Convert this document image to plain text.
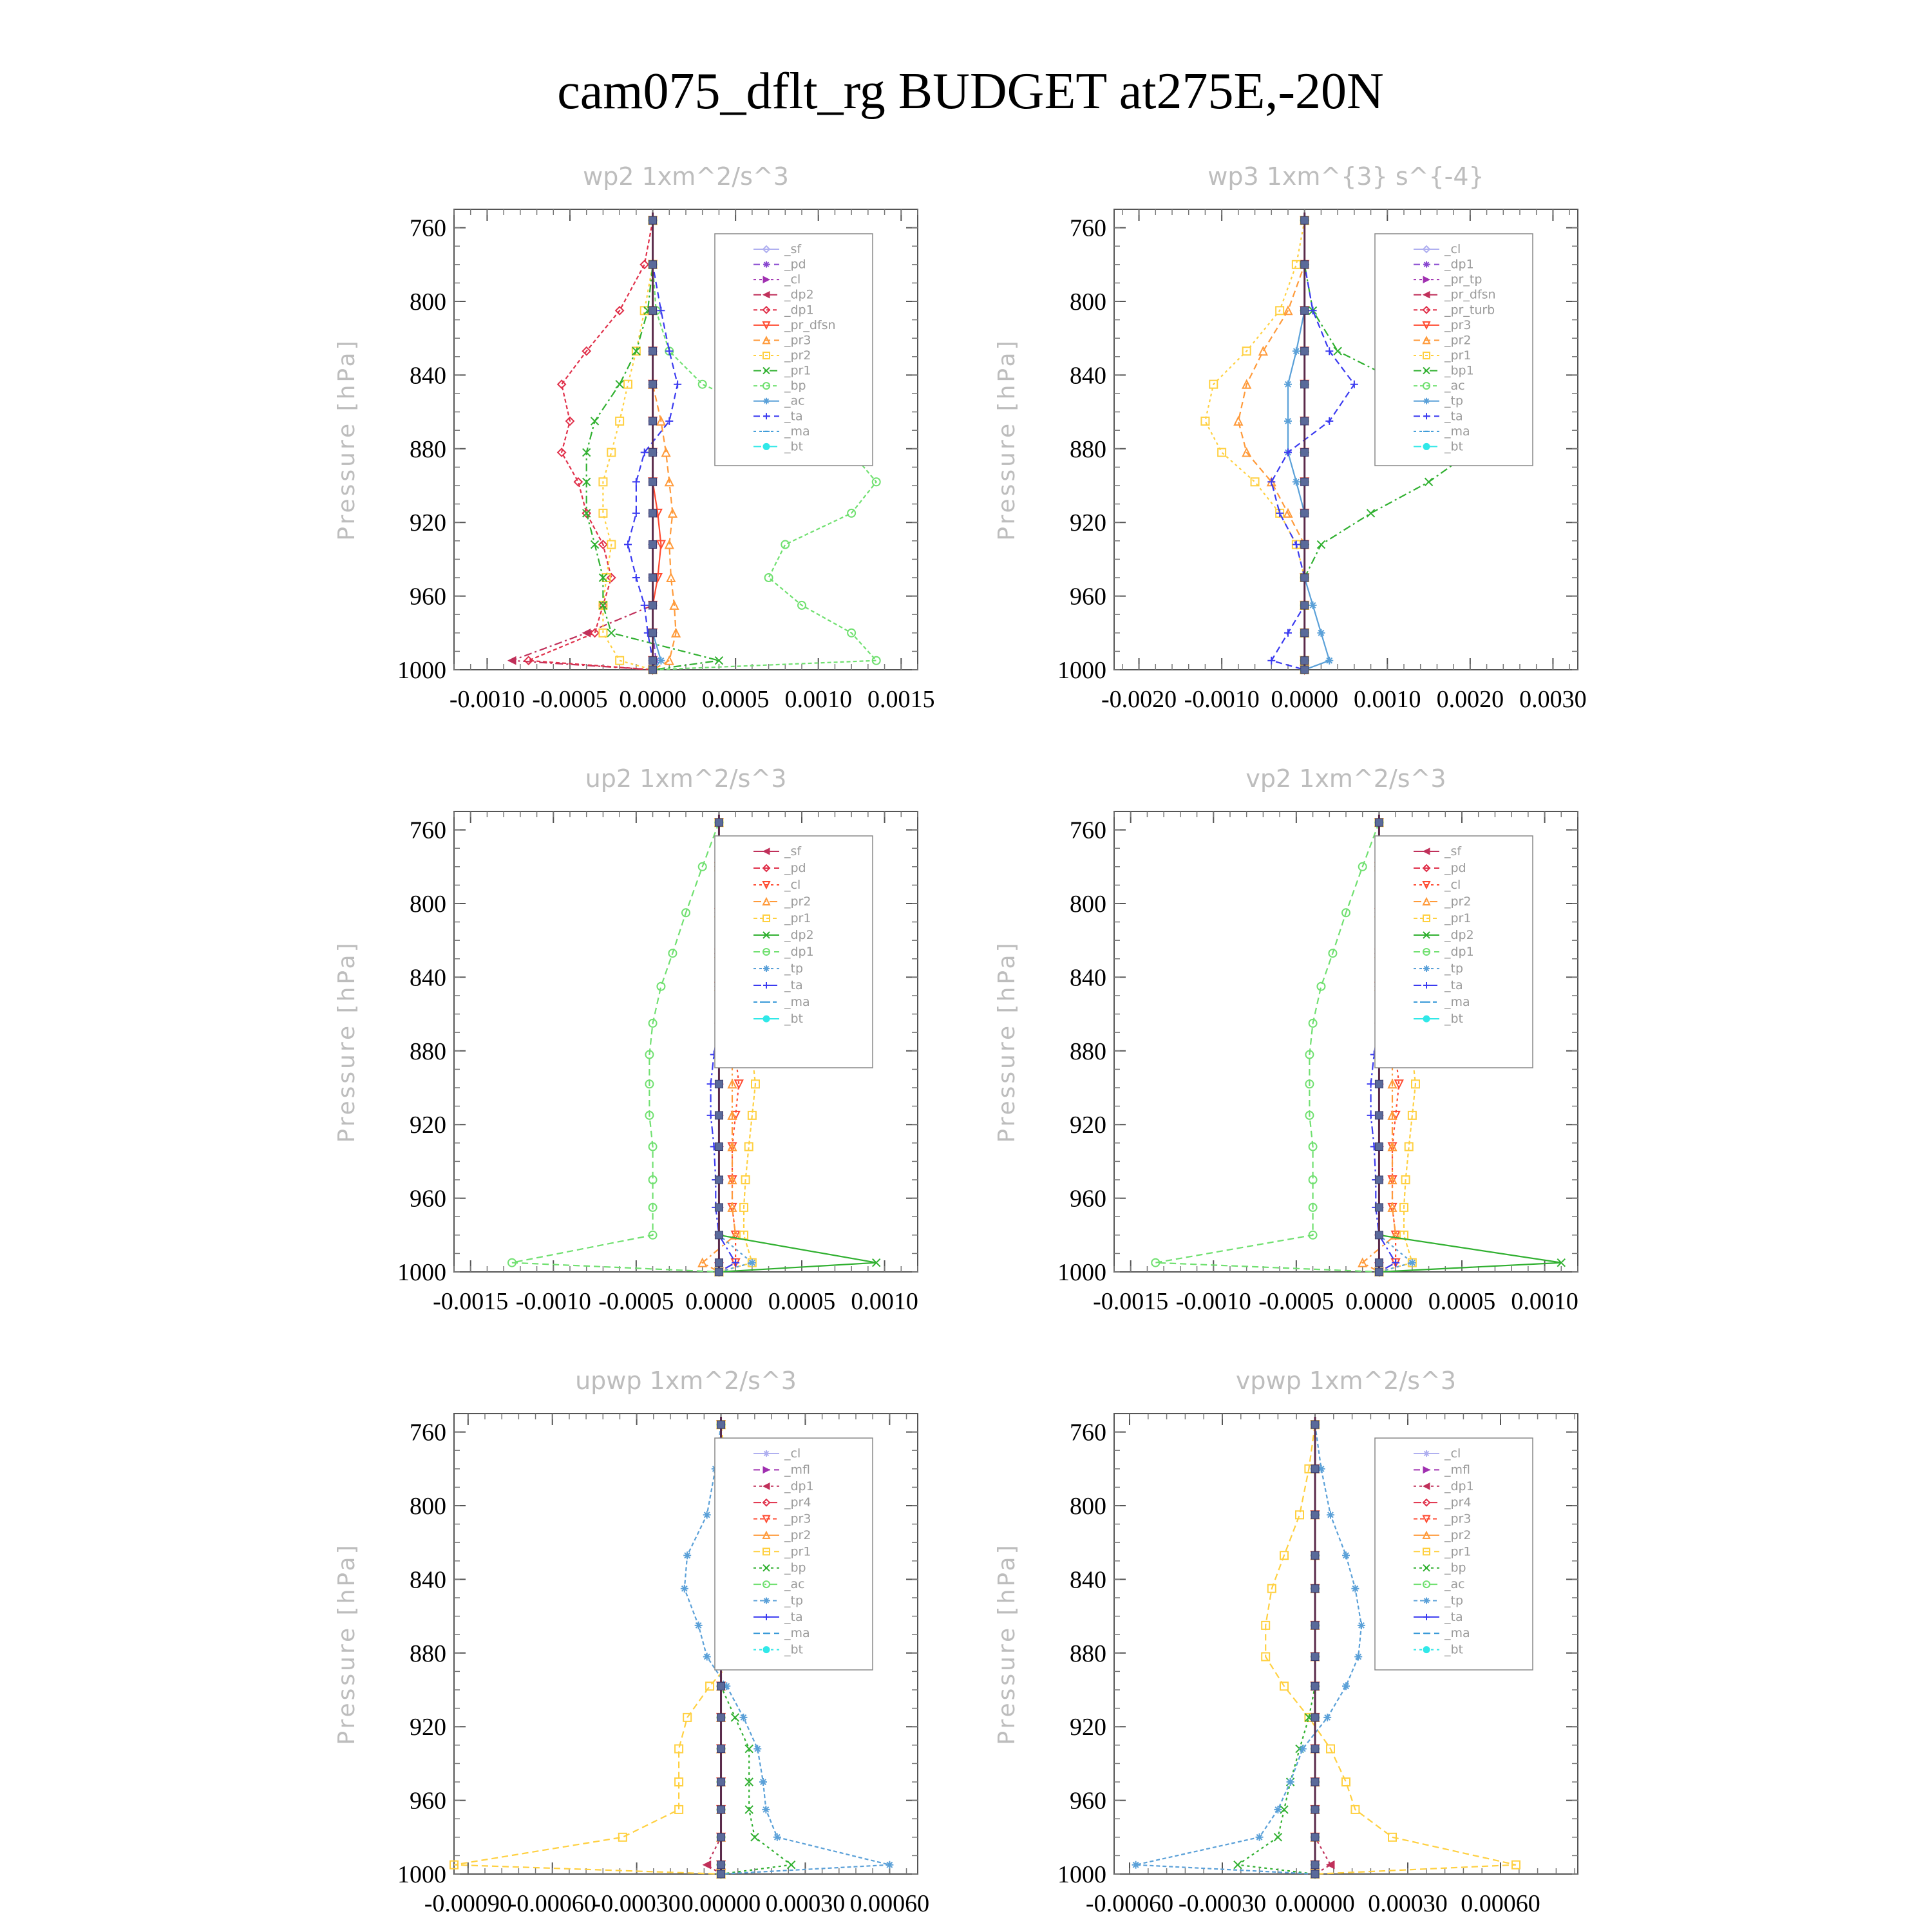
cam075_dflt_rg BUDGET at275E,-20N
wp2 1xm^2/s^3
Pressure [hPa]
760
800
840
880
920
960
1000
-0.0010 -0.0005 0.0000 0.0005 0.0010 0.0015
_sf
_pd
_cl
_dp2
_dp1
_pr_dfsn
_pr3
_pr2
_pr1
_bp
_ac
_ta
_ma
_bt
wp3 1xm^{3} s^{-4}
Pressure [hPa]
760
800
840
880
920
960
1000
-0.0020 -0.0010 0.0000 0.0010 0.0020 0.0030
_cl
_dp1
_pr_tp
_pr_dfsn
_pr_turb
_pr3
_pr2
_pr1
_bp1
_ac
_tp
_ta
_ma
_bt
up2 1xm^2/s^3
Pressure [hPa]
760
800
840
880
920
960
1000
-0.0015 -0.0010 -0.0005 0.0000 0.0005 0.0010
_sf
_pd
_cl
_pr2
_pr1
_dp2
_dp1
_tp
_ta
_ma
_bt
vp2 1xm^2/s^3
Pressure [hPa]
760
800
840
880
920
960
1000
-0.0015 -0.0010 -0.0005 0.0000 0.0005 0.0010
_sf
_pd
_cl
_pr2
_pr1
_dp2
_dp1
_tp
_ta
_ma
_bt
upwp 1xm^2/s^3
Pressure [hPa]
760
800
840
880
920
960
1000
-0.00090
-0.00060
-0.00030 0.00000 0.00030 0.00060
_cl
_mfl
_dp1
_pr4
_pr3
_pr2
_pr1
_bp
_ac
_tp
_ta
_ma
_bt
vpwp 1xm^2/s^3
Pressure [hPa]
760
800
840
880
920
960
1000
-0.00060 -0.00030 0.00000 0.00030 0.00060
_cl
_mfl
_dp1
_pr4
_pr3
_pr2
_pr1
_bp
_ac
_tp
_ta
_ma
_bt
